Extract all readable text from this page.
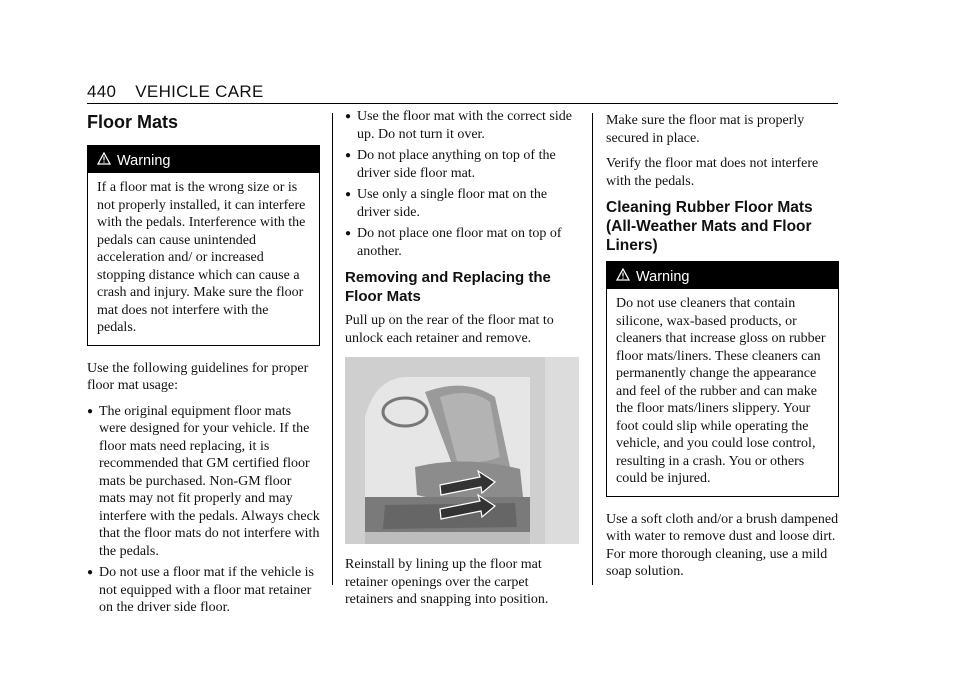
440 VEHICLE CARE
Floor Mats
Warning

If a floor mat is the wrong size or is not properly installed, it can interfere with the pedals. Interference with the pedals can cause unintended acceleration and/ or increased stopping distance which can cause a crash and injury. Make sure the floor mat does not interfere with the pedals.

Use the following guidelines for proper floor mat usage:

● The original equipment floor mats were designed for your vehicle. If the floor mats need replacing, it is recommended that GM certified floor mats be purchased. Non-GM floor mats may not fit properly and may interfere with the pedals. Always check that the floor mats do not interfere with the pedals.
● Do not use a floor mat if the vehicle is not equipped with a floor mat retainer on the driver side floor.
● Use the floor mat with the correct side up. Do not turn it over.
● Do not place anything on top of the driver side floor mat.
● Use only a single floor mat on the driver side.
● Do not place one floor mat on top of another.
Removing and Replacing the Floor Mats

Pull up on the rear of the floor mat to unlock each retainer and remove.

Reinstall by lining up the floor mat retainer openings over the carpet retainers and snapping into position.

Make sure the floor mat is properly secured in place.

Verify the floor mat does not interfere with the pedals.

Cleaning Rubber Floor Mats (All-Weather Mats and Floor Liners)
Warning

Do not use cleaners that contain silicone, wax-based products, or cleaners that increase gloss on rubber floor mats/liners. These cleaners can permanently change the appearance and feel of the rubber and can make the floor mats/liners slippery. Your foot could slip while operating the vehicle, and you could lose control, resulting in a crash. You or others could be injured.

Use a soft cloth and/or a brush dampened with water to remove dust and loose dirt. For more thorough cleaning, use a mild soap solution.
